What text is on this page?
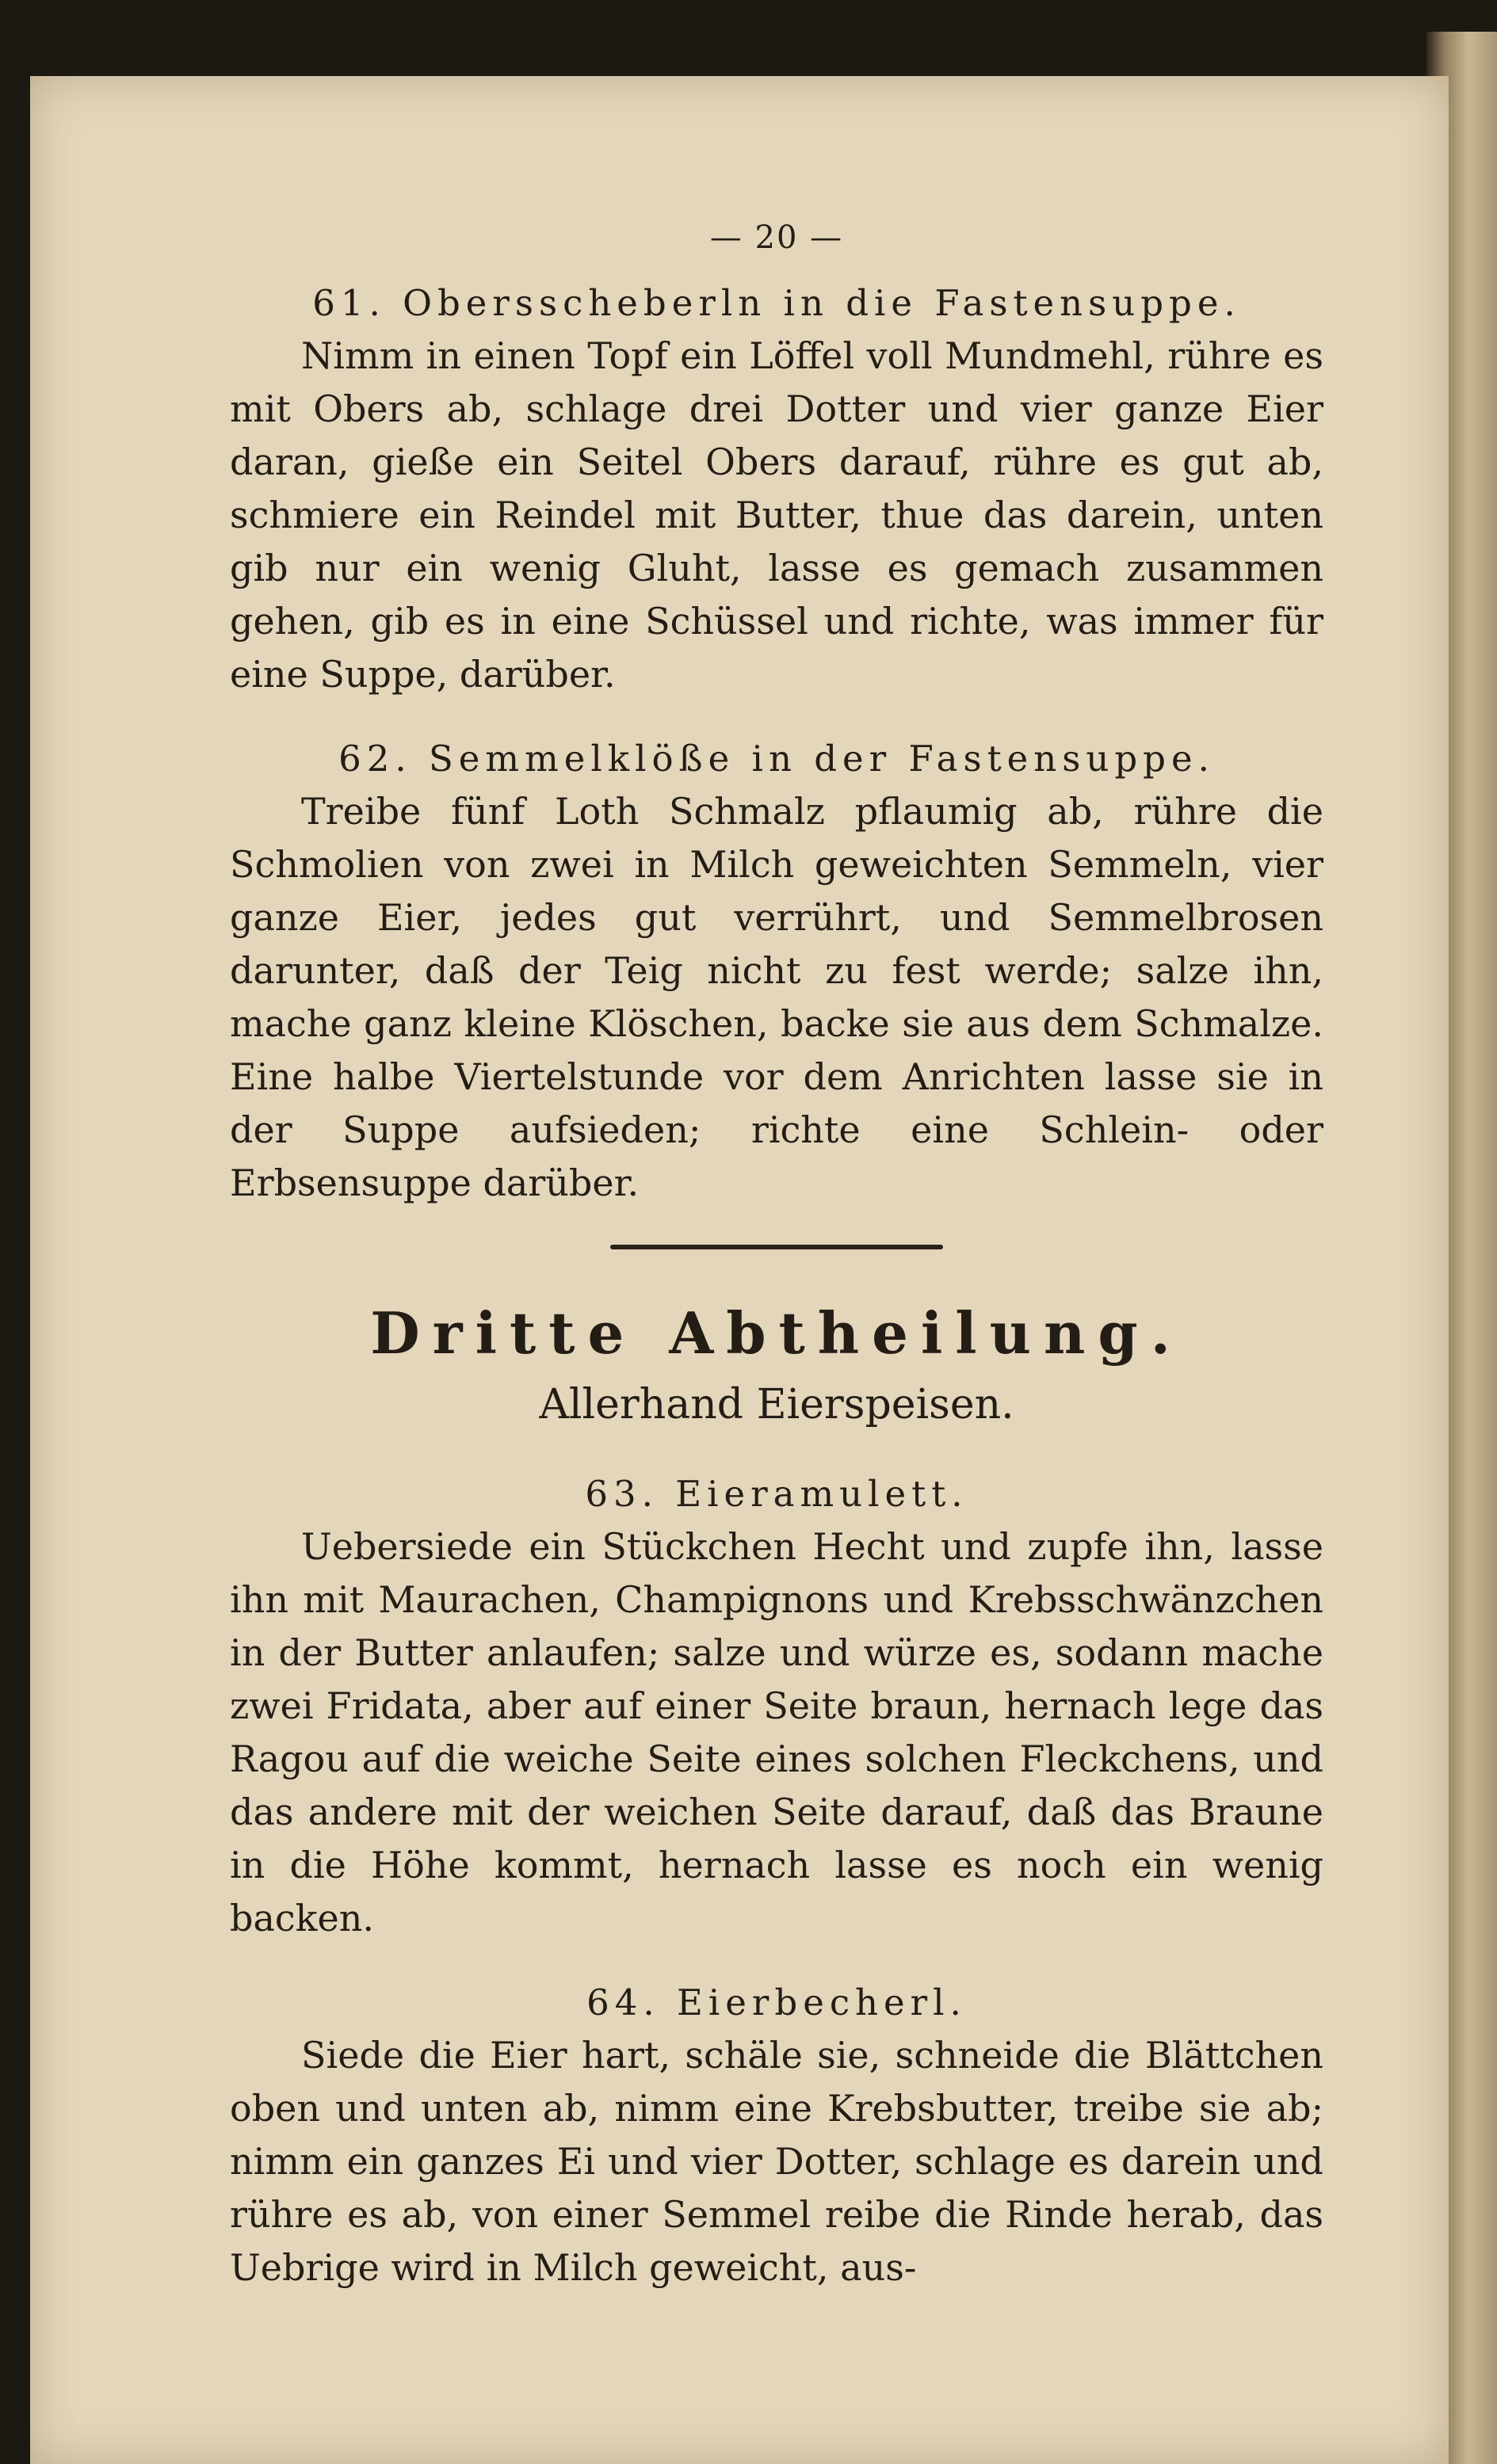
— 20 —
61. Obersscheberln in die Fastensuppe.

Nimm in einen Topf ein Löffel voll Mundmehl, rühre es mit Obers ab, schlage drei Dotter und vier ganze Eier daran, gieße ein Seitel Obers darauf, rühre es gut ab, schmiere ein Reindel mit Butter, thue das darein, unten gib nur ein wenig Gluht, lasse es gemach zusammen gehen, gib es in eine Schüssel und richte, was immer für eine Suppe, darüber.

62. Semmelklöße in der Fastensuppe.

Treibe fünf Loth Schmalz pflaumig ab, rühre die Schmolien von zwei in Milch geweichten Semmeln, vier ganze Eier, jedes gut verrührt, und Semmelbrosen darunter, daß der Teig nicht zu fest werde; salze ihn, mache ganz kleine Klöschen, backe sie aus dem Schmalze. Eine halbe Viertelstunde vor dem Anrichten lasse sie in der Suppe aufsieden; richte eine Schlein- oder Erbsensuppe darüber.

Dritte Abtheilung.
Allerhand Eierspeisen.
63. Eieramulett.

Uebersiede ein Stückchen Hecht und zupfe ihn, lasse ihn mit Maurachen, Champignons und Krebsschwänzchen in der Butter anlaufen; salze und würze es, sodann mache zwei Fridata, aber auf einer Seite braun, hernach lege das Ragou auf die weiche Seite eines solchen Fleckchens, und das andere mit der weichen Seite darauf, daß das Braune in die Höhe kommt, hernach lasse es noch ein wenig backen.

64. Eierbecherl.

Siede die Eier hart, schäle sie, schneide die Blättchen oben und unten ab, nimm eine Krebsbutter, treibe sie ab; nimm ein ganzes Ei und vier Dotter, schlage es darein und rühre es ab, von einer Semmel reibe die Rinde herab, das Uebrige wird in Milch geweicht, aus-
